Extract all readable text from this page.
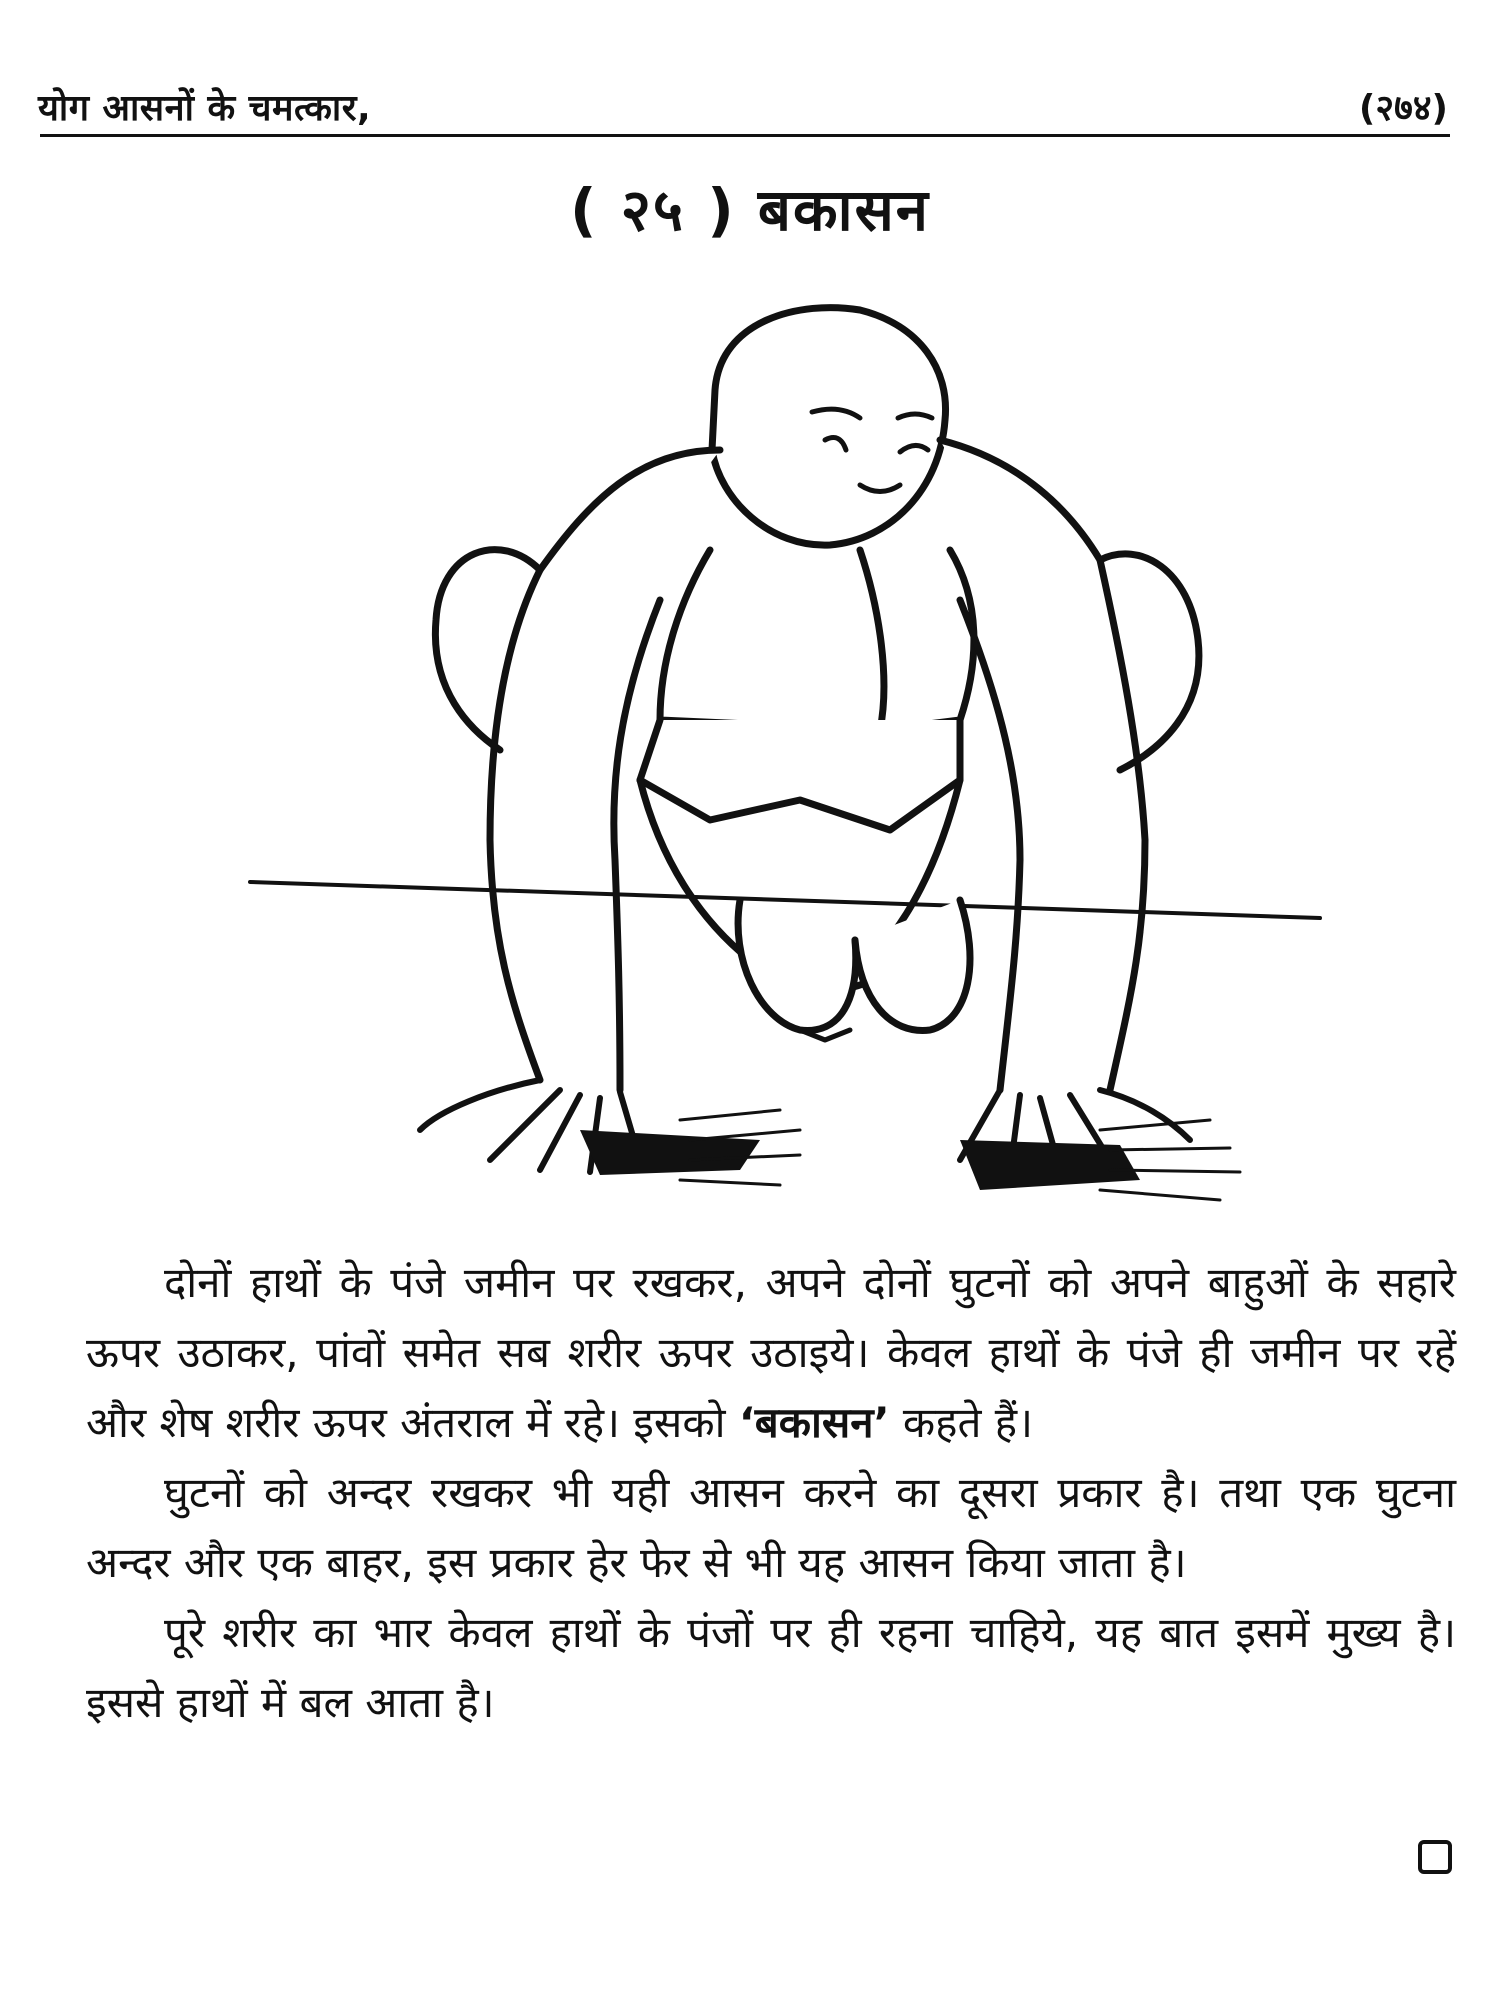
योग आसनों के चमत्कार,	(२७४)
( २५ ) बकासन

दोनों हाथों के पंजे जमीन पर रखकर, अपने दोनों घुटनों को अपने बाहुओं के सहारे ऊपर उठाकर, पांवों समेत सब शरीर ऊपर उठाइये। केवल हाथों के पंजे ही जमीन पर रहें और शेष शरीर ऊपर अंतराल में रहे। इसको ‘बकासन’ कहते हैं।

घुटनों को अन्दर रखकर भी यही आसन करने का दूसरा प्रकार है। तथा एक घुटना अन्दर और एक बाहर, इस प्रकार हेर फेर से भी यह आसन किया जाता है।

पूरे शरीर का भार केवल हाथों के पंजों पर ही रहना चाहिये, यह बात इसमें मुख्य है। इससे हाथों में बल आता है।
